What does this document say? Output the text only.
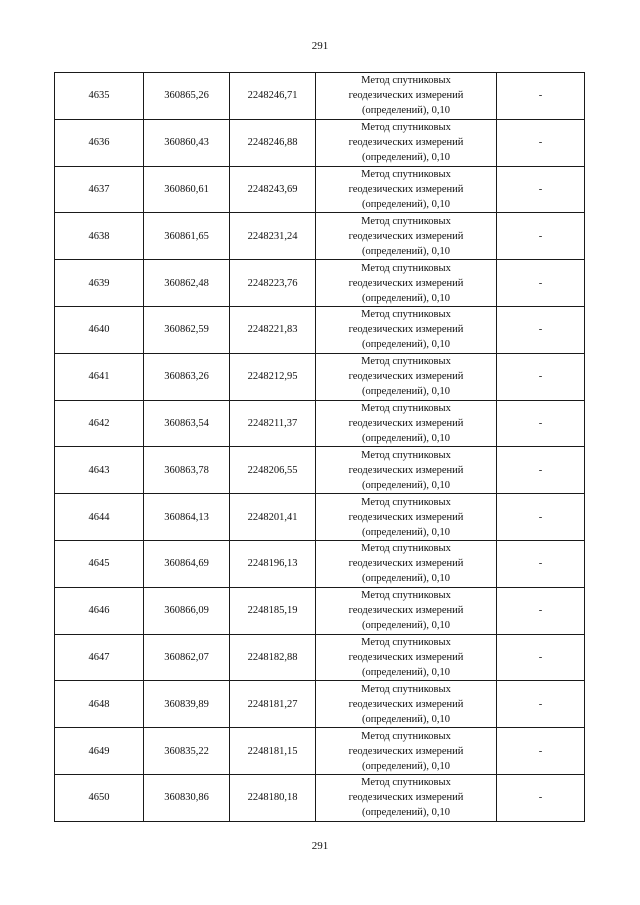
291
4635	360865,26	2248246,71	Метод спутниковых
геодезических измерений
(определений), 0,10	-
4636	360860,43	2248246,88	Метод спутниковых
геодезических измерений
(определений), 0,10	-
4637	360860,61	2248243,69	Метод спутниковых
геодезических измерений
(определений), 0,10	-
4638	360861,65	2248231,24	Метод спутниковых
геодезических измерений
(определений), 0,10	-
4639	360862,48	2248223,76	Метод спутниковых
геодезических измерений
(определений), 0,10	-
4640	360862,59	2248221,83	Метод спутниковых
геодезических измерений
(определений), 0,10	-
4641	360863,26	2248212,95	Метод спутниковых
геодезических измерений
(определений), 0,10	-
4642	360863,54	2248211,37	Метод спутниковых
геодезических измерений
(определений), 0,10	-
4643	360863,78	2248206,55	Метод спутниковых
геодезических измерений
(определений), 0,10	-
4644	360864,13	2248201,41	Метод спутниковых
геодезических измерений
(определений), 0,10	-
4645	360864,69	2248196,13	Метод спутниковых
геодезических измерений
(определений), 0,10	-
4646	360866,09	2248185,19	Метод спутниковых
геодезических измерений
(определений), 0,10	-
4647	360862,07	2248182,88	Метод спутниковых
геодезических измерений
(определений), 0,10	-
4648	360839,89	2248181,27	Метод спутниковых
геодезических измерений
(определений), 0,10	-
4649	360835,22	2248181,15	Метод спутниковых
геодезических измерений
(определений), 0,10	-
4650	360830,86	2248180,18	Метод спутниковых
геодезических измерений
(определений), 0,10	-
291
